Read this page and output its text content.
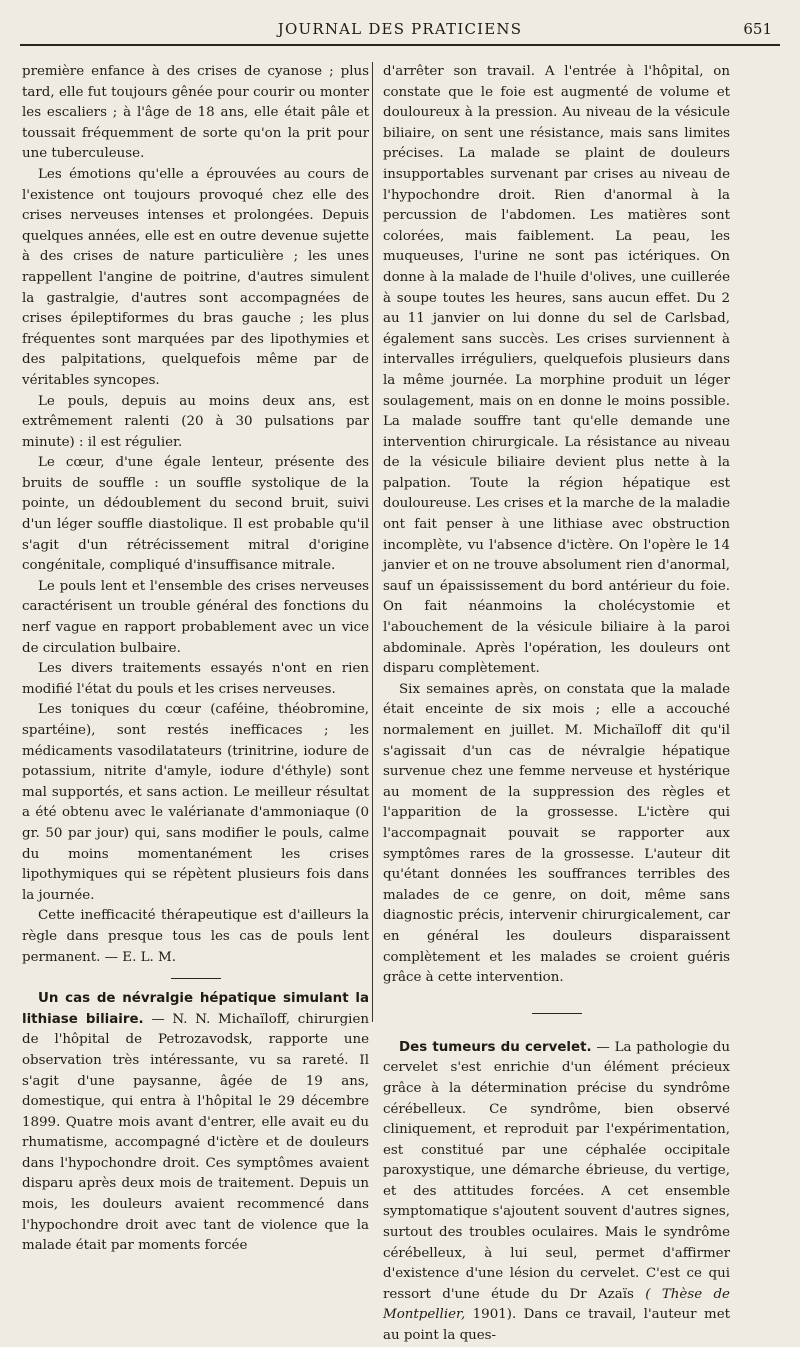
JOURNAL DES PRATICIENS	651

première enfance à des crises de cyanose ; plus tard, elle fut toujours gênée pour courir ou monter les escaliers ; à l'âge de 18 ans, elle était pâle et toussait fréquemment de sorte qu'on la prit pour une tuberculeuse.

Les émotions qu'elle a éprouvées au cours de l'existence ont toujours provoqué chez elle des crises nerveuses intenses et prolongées. Depuis quelques années, elle est en outre devenue sujette à des crises de nature particulière ; les unes rappellent l'angine de poitrine, d'autres simulent la gastralgie, d'autres sont accompagnées de crises épileptiformes du bras gauche ; les plus fréquentes sont marquées par des lipothymies et des palpitations, quelquefois même par de véritables syncopes.

Le pouls, depuis au moins deux ans, est extrêmement ralenti (20 à 30 pulsations par minute) : il est régulier.

Le cœur, d'une égale lenteur, présente des bruits de souffle : un souffle systolique de la pointe, un dédoublement du second bruit, suivi d'un léger souffle diastolique. Il est probable qu'il s'agit d'un rétrécissement mitral d'origine congénitale, compliqué d'insuffisance mitrale.

Le pouls lent et l'ensemble des crises nerveuses caractérisent un trouble général des fonctions du nerf vague en rapport probablement avec un vice de circulation bulbaire.

Les divers traitements essayés n'ont en rien modifié l'état du pouls et les crises nerveuses.

Les toniques du cœur (caféine, théobromine, spartéine), sont restés inefficaces ; les médicaments vasodilatateurs (trinitrine, iodure de potassium, nitrite d'amyle, iodure d'éthyle) sont mal supportés, et sans action. Le meilleur résultat a été obtenu avec le valérianate d'ammoniaque (0 gr. 50 par jour) qui, sans modifier le pouls, calme du moins momentanément les crises lipothymiques qui se répètent plusieurs fois dans la journée.

Cette inefficacité thérapeutique est d'ailleurs la règle dans presque tous les cas de pouls lent permanent. — E. L. M.

Un cas de névralgie hépatique simulant la lithiase biliaire. — N. N. Michaïloff, chirurgien de l'hôpital de Petrozavodsk, rapporte une observation très intéressante, vu sa rareté. Il s'agit d'une paysanne, âgée de 19 ans, domestique, qui entra à l'hôpital le 29 décembre 1899. Quatre mois avant d'entrer, elle avait eu du rhumatisme, accompagné d'ictère et de douleurs dans l'hypochondre droit. Ces symptômes avaient disparu après deux mois de traitement. Depuis un mois, les douleurs avaient recommencé dans l'hypochondre droit avec tant de violence que la malade était par moments forcée

d'arrêter son travail. A l'entrée à l'hôpital, on constate que le foie est augmenté de volume et douloureux à la pression. Au niveau de la vésicule biliaire, on sent une résistance, mais sans limites précises. La malade se plaint de douleurs insupportables survenant par crises au niveau de l'hypochondre droit. Rien d'anormal à la percussion de l'abdomen. Les matières sont colorées, mais faiblement. La peau, les muqueuses, l'urine ne sont pas ictériques. On donne à la malade de l'huile d'olives, une cuillerée à soupe toutes les heures, sans aucun effet. Du 2 au 11 janvier on lui donne du sel de Carlsbad, également sans succès. Les crises surviennent à intervalles irréguliers, quelquefois plusieurs dans la même journée. La morphine produit un léger soulagement, mais on en donne le moins possible. La malade souffre tant qu'elle demande une intervention chirurgicale. La résistance au niveau de la vésicule biliaire devient plus nette à la palpation. Toute la région hépatique est douloureuse. Les crises et la marche de la maladie ont fait penser à une lithiase avec obstruction incomplète, vu l'absence d'ictère. On l'opère le 14 janvier et on ne trouve absolument rien d'anormal, sauf un épaississement du bord antérieur du foie. On fait néanmoins la cholécystomie et l'abouchement de la vésicule biliaire à la paroi abdominale. Après l'opération, les douleurs ont disparu complètement.

Six semaines après, on constata que la malade était enceinte de six mois ; elle a accouché normalement en juillet. M. Michaïloff dit qu'il s'agissait d'un cas de névralgie hépatique survenue chez une femme nerveuse et hystérique au moment de la suppression des règles et l'apparition de la grossesse. L'ictère qui l'accompagnait pouvait se rapporter aux symptômes rares de la grossesse. L'auteur dit qu'étant données les souffrances terribles des malades de ce genre, on doit, même sans diagnostic précis, intervenir chirurgicalement, car en général les douleurs disparaissent complètement et les malades se croient guéris grâce à cette intervention.

Des tumeurs du cervelet. — La pathologie du cervelet s'est enrichie d'un élément précieux grâce à la détermination précise du syndrôme cérébelleux. Ce syndrôme, bien observé cliniquement, et reproduit par l'expérimentation, est constitué par une céphalée occipitale paroxystique, une démarche ébrieuse, du vertige, et des attitudes forcées. A cet ensemble symptomatique s'ajoutent souvent d'autres signes, surtout des troubles oculaires. Mais le syndrôme cérébelleux, à lui seul, permet d'affirmer d'existence d'une lésion du cervelet. C'est ce qui ressort d'une étude du Dr Azaïs ( Thèse de Montpellier, 1901). Dans ce travail, l'auteur met au point la ques-
